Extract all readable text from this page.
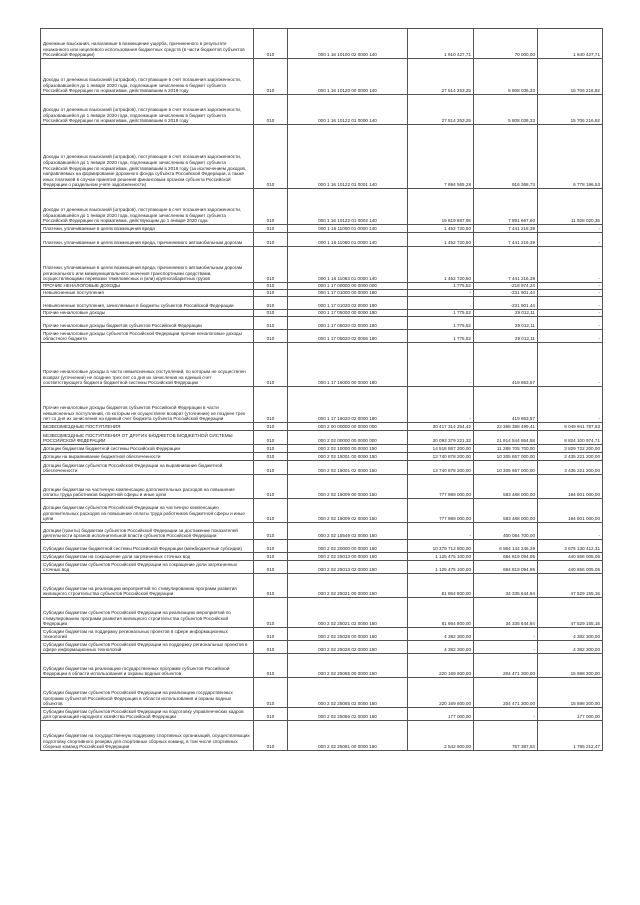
Денежные взыскания, налагаемые в возмещение ущерба, причиненного в результате незаконного или нецелевого использования бюджетных средств (в части бюджетов субъектов Российской Федерации)	010	000 1 16 10100 02 0000 140	1 910 427,71	70 000,00	1 840 427,71
Доходы от денежных взысканий (штрафов), поступающие в счет погашения задолженности, образовавшейся до 1 января 2020 года, подлежащие зачислению в бюджет субъекта Российской Федерации по нормативам, действовавшим в 2019 году	010	000 1 16 10120 00 0000 140	27 514 253,25	5 808 036,33	15 706 216,92
Доходы от денежных взысканий (штрафов), поступающие в счет погашения задолженности, образовавшейся до 1 января 2020 года, подлежащие зачислению в бюджет субъекта Российской Федерации по нормативам, действовавшим в 2019 году	010	000 1 16 10122 01 0000 140	27 514 253,25	5 808 036,33	15 706 216,92
Доходы от денежных взысканий (штрафов), поступающие в счет погашения задолженности, образовавшейся до 1 января 2020 года, подлежащие зачислению в бюджет субъекта Российской Федерации по нормативам, действовавшим в 2019 году (за исключением доходов, направляемых на формирование дорожного фонда субъекта Российской Федерации, а также иных платежей в случае принятия решения финансовым органом субъекта Российской Федерации о раздельном учете задолженности)	010	000 1 16 10122 01 0001 140	7 694 565,28	916 368,73	6 778 196,53
Доходы от денежных взысканий (штрафов), поступающие в счет погашения задолженности, образовавшейся до 1 января 2020 года, подлежащие зачислению в бюджет субъекта Российской Федерации по нормативам, действующим до 1 января 2020 года	010	000 1 16 10122 01 0002 140	19 819 687,95	7 891 667,60	11 928 020,35
Платежи, уплачиваемые в целях возмещения вреда	010	000 1 16 11000 01 0000 140	1 452 720,50	7 441 216,39	-
Платежи, уплачиваемые в целях возмещения вреда, причиняемого автомобильным дорогам	010	000 1 16 11060 01 0000 140	1 452 720,50	7 441 216,39	-
Платежи, уплачиваемые в целях возмещения вреда, причиняемого автомобильным дорогам регионального или межмуниципального значения транспортными средствами, осуществляющими перевозки тяжеловесных и (или) крупногабаритных грузов	010	000 1 16 11063 01 0000 140	1 452 720,50	7 441 216,39	-
ПРОЧИЕ НЕНАЛОГОВЫЕ ДОХОДЫ	010	000 1 17 00000 00 0000 000	1 775,52	-218 974,24	-
Невыясненные поступления	010	000 1 17 01000 00 0000 180	-	-231 901,44	-
Невыясненные поступления, зачисляемые в бюджеты субъектов Российской Федерации	010	000 1 17 01020 02 0000 180	-	-231 901,44	-
Прочие неналоговые доходы	010	000 1 17 05000 00 0000 180	1 775,52	29 012,11	-
Прочие неналоговые доходы бюджетов субъектов Российской Федерации	010	000 1 17 05020 02 0000 180	1 775,52	29 012,11	-
Прочие неналоговые доходы субъектов Российской Федерации прочие неналоговые доходы областного бюджета	010	000 1 17 05020 02 0006 180	1 775,52	29 012,11	-
Прочие неналоговые доходы в части невыясненных поступлений, по которым не осуществлен возврат (уточнение) не позднее трех лет со дня их зачисления на единый счет соответствующего бюджета бюджетной системы Российской Федерации	010	000 1 17 16000 00 0000 180	-	419 863,57	-
Прочие неналоговые доходы бюджетов субъектов Российской Федерации в части невыясненных поступлений, по которым не осуществлен возврат (уточнение) не позднее трех лет со дня их зачисления на единый счет бюджета субъекта Российской Федерации	010	000 1 17 16020 02 0000 180	-	419 863,57	-
БЕЗВОЗМЕЗДНЫЕ ПОСТУПЛЕНИЯ	010	000 2 00 00000 00 0000 000	30 417 314 254,42	22 368 388 499,41	9 049 941 787,63
БЕЗВОЗМЕЗДНЫЕ ПОСТУПЛЕНИЯ ОТ ДРУГИХ БЮДЖЕТОВ БЮДЖЕТНОЙ СИСТЕМЫ РОССИЙСКОЙ ФЕДЕРАЦИИ	010	000 2 02 00000 00 0000 000	30 093 379 221,32	21 914 544 864,58	8 824 100 974,71
Дотации бюджетам бюджетной системы Российской Федерации	010	000 2 02 10000 00 0000 150	14 518 887 200,00	11 289 705 700,00	3 829 722 200,00
Дотации на выравнивание бюджетной обеспеченности	010	000 2 02 15001 00 0000 150	13 740 878 200,00	10 305 657 000,00	3 435 221 200,00
Дотации бюджетам субъектов Российской Федерации на выравнивание бюджетной обеспеченности	010	000 2 02 15001 02 0000 150	13 740 878 200,00	10 305 657 000,00	3 435 221 200,00
Дотации бюджетам на частичную компенсацию дополнительных расходов на повышение оплаты труда работников бюджетной сферы и иные цели	010	000 2 02 15009 00 0000 150	777 989 000,00	583 488 000,00	194 501 000,00
Дотации бюджетам субъектов Российской Федерации на частичную компенсацию дополнительных расходов на повышение оплаты труда работников бюджетной сферы и иные цели	010	000 2 02 15009 02 0000 150	777 989 000,00	583 488 000,00	194 501 000,00
Дотации (гранты) бюджетам субъектов Российской Федерации за достижение показателей деятельности органов исполнительной власти субъектов Российской Федерации	010	000 2 02 15549 02 0000 150	-	400 084 700,00	-
Субсидии бюджетам бюджетной системы Российской Федерации (межбюджетные субсидии)	010	000 2 02 20000 00 0000 150	10 379 712 800,00	6 864 144 246,29	3 675 130 412,31
Субсидии бюджетам на сокращение доли загрязненных сточных вод	010	000 2 02 25013 00 0000 150	1 125 475 100,00	684 819 094,95	440 656 005,05
Субсидии бюджетам субъектов Российской Федерации на сокращение доли загрязненных сточных вод	010	000 2 02 25013 02 0000 150	1 125 475 100,00	684 819 094,95	440 656 005,05
Субсидии бюджетам на реализацию мероприятий по стимулированию программ развития жилищного строительства субъектов Российской Федерации	010	000 2 02 25021 00 0000 150	81 864 800,00	34 335 644,84	47 529 155,16
Субсидии бюджетам субъектов Российской Федерации на реализацию мероприятий по стимулированию программ развития жилищного строительства субъектов Российской Федерации	010	000 2 02 25021 02 0000 150	81 864 800,00	34 335 644,84	47 529 155,16
Субсидии бюджетам на поддержку региональных проектов в сфере информационных технологий	010	000 2 02 25028 00 0000 150	4 382 300,00	-	4 382 300,00
Субсидии бюджетам субъектов Российской Федерации на поддержку региональных проектов в сфере информационных технологий	010	000 2 02 25028 02 0000 150	4 382 300,00	-	4 382 300,00
Субсидии бюджетам на реализацию государственных программ субъектов Российской Федерации в области использования и охраны водных объектов	010	000 2 02 25065 00 0000 150	220 169 600,00	204 471 300,00	15 698 300,00
Субсидии бюджетам субъектов Российской Федерации на реализацию государственных программ субъектов Российской Федерации в области использования и охраны водных объектов	010	000 2 02 25065 02 0000 150	220 169 600,00	204 471 300,00	15 698 300,00
Субсидии бюджетам субъектов Российской Федерации на подготовку управленческих кадров для организаций народного хозяйства Российской Федерации	010	000 2 02 25066 02 0000 150	177 000,00	-	177 000,00
Субсидии бюджетам на государственную поддержку спортивных организаций, осуществляющих подготовку спортивного резерва для спортивных сборных команд, в том числе спортивных сборных команд Российской Федерации	010	000 2 02 25081 00 0000 150	2 542 600,00	757 387,53	1 785 212,47
